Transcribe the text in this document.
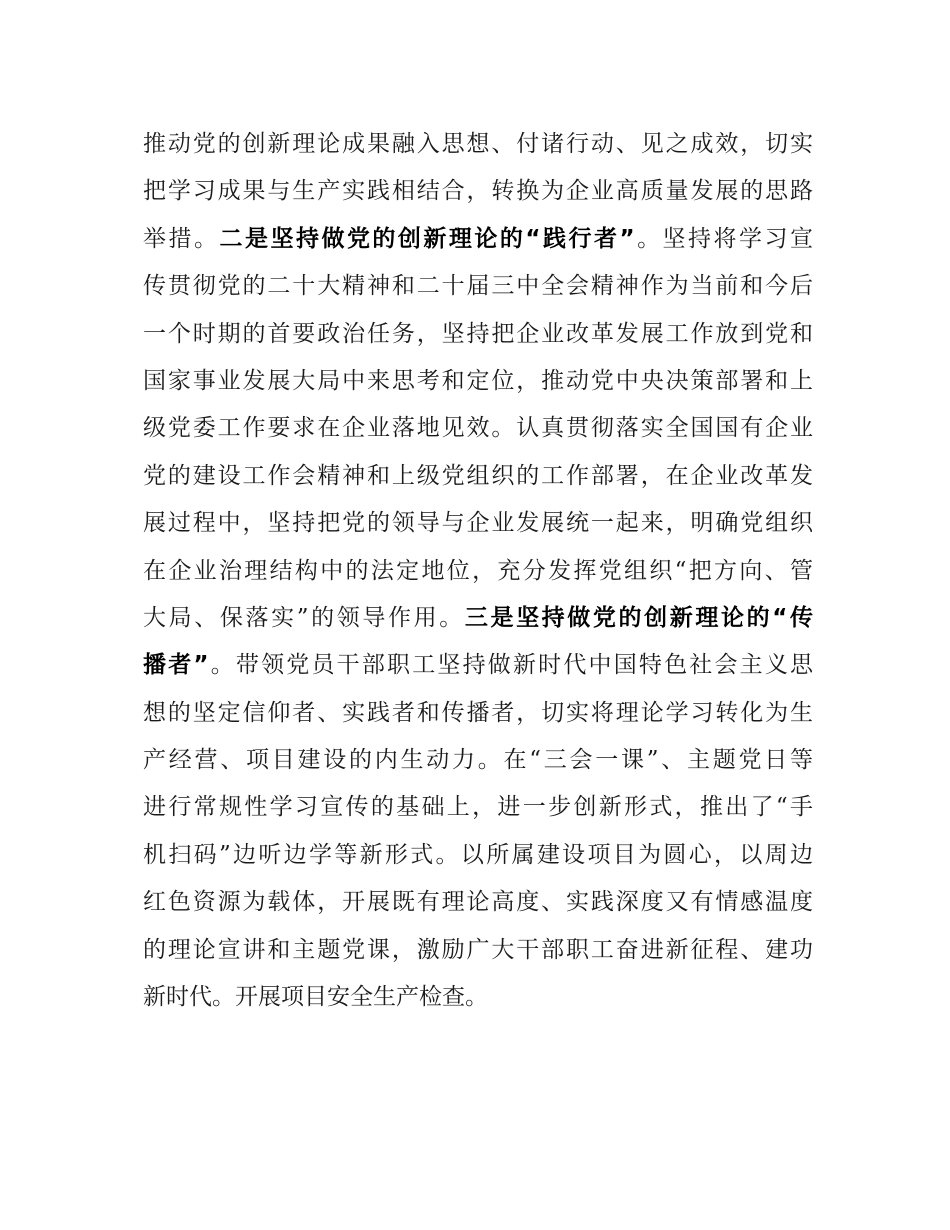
推动党的创新理论成果融入思想、付诸行动、见之成效，切实
把学习成果与生产实践相结合，转换为企业高质量发展的思路
举措。二是坚持做党的创新理论的“践行者”。坚持将学习宣
传贯彻党的二十大精神和二十届三中全会精神作为当前和今后
一个时期的首要政治任务，坚持把企业改革发展工作放到党和
国家事业发展大局中来思考和定位，推动党中央决策部署和上
级党委工作要求在企业落地见效。认真贯彻落实全国国有企业
党的建设工作会精神和上级党组织的工作部署，在企业改革发
展过程中，坚持把党的领导与企业发展统一起来，明确党组织
在企业治理结构中的法定地位，充分发挥党组织“把方向、管
大局、保落实”的领导作用。三是坚持做党的创新理论的“传
播者”。带领党员干部职工坚持做新时代中国特色社会主义思
想的坚定信仰者、实践者和传播者，切实将理论学习转化为生
产经营、项目建设的内生动力。在“三会一课”、主题党日等
进行常规性学习宣传的基础上，进一步创新形式，推出了“手
机扫码”边听边学等新形式。以所属建设项目为圆心，以周边
红色资源为载体，开展既有理论高度、实践深度又有情感温度
的理论宣讲和主题党课，激励广大干部职工奋进新征程、建功
新时代。开展项目安全生产检查。
